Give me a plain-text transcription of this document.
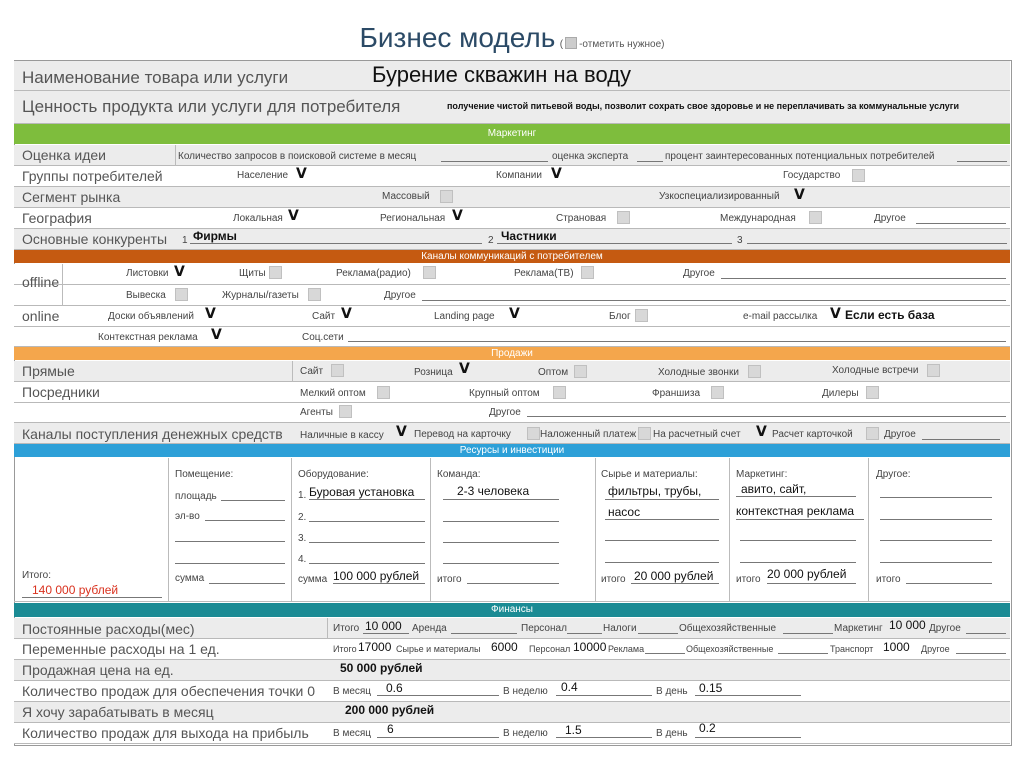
Бизнес модель ( -отметить нужное)
Наименование товара или услуги	Бурение скважин на воду
Ценность продукта или услуги для потребителя	получение чистой питьевой воды, позволит сохрать свое здоровье и не переплачивать за коммунальные услуги
Маркетинг
Оценка идеи	Количество запросов в поисковой системе в месяц	оценка эксперта	процент заинтересованных потенциальных потребителей
Группы потребителей	Население V	Компании V	Государство
Сегмент рынка	Массовый	Узкоспециализированный V
География	Локальная V	Региональная V	Страновая	Международная	Другое
Основные конкуренты 1 Фирмы	2 Частники	3
Каналы коммуникаций с потребителем
offline
Листовки V	Щиты	Реклама(радио)	Реклама(ТВ)	Другое
Вывеска	Журналы/газеты	Другое
online	Доски объявлений V	Сайт V	Landing page V	Блог	e-mail рассылка V Если есть база
Контекстная реклама V	Соц.сети
Продажи
Прямые	Сайт	Розница V	Оптом	Холодные звонки	Холодные встречи
Посредники	Мелкий оптом	Крупный оптом	Франшиза	Дилеры
Агенты	Другое
Каналы поступления денежных средств Наличные в кассу V Перевод на карточку	Наложенный платеж На расчетный счет V Расчет карточкой	Другое
Ресурсы и инвестиции
Итого:
140 000 рублей
Помещение:
площадь
эл-во
сумма
Оборудование:
1. Буровая установка
2.
3.
4.
сумма 100 000 рублей
Команда:
2-3 человека
итого
Сырье и материалы:
фильтры, трубы,
насос
итого 20 000 рублей
Маркетинг:
авито, сайт,
контекстная реклама
итого 20 000 рублей
Другое:
итого
Финансы
Постоянные расходы(мес)	Итого 10 000 Аренда	Персонал	Налоги	Общехозяйственные	Маркетинг 10 000 Другое
Переменные расходы на 1 ед.	Итого 17000 Сырье и материалы 6000 Персонал 10000 Реклама	Общехозяйственные	Транспорт 1000 Другое
Продажная цена на ед.	50 000 рублей
Количество продаж для обеспечения точки 0 В месяц 0.6	В неделю 0.4	В день 0.15
Я хочу зарабатывать в месяц	200 000 рублей
Количество продаж для выхода на прибыль В месяц 6	В неделю 1.5	В день 0.2
